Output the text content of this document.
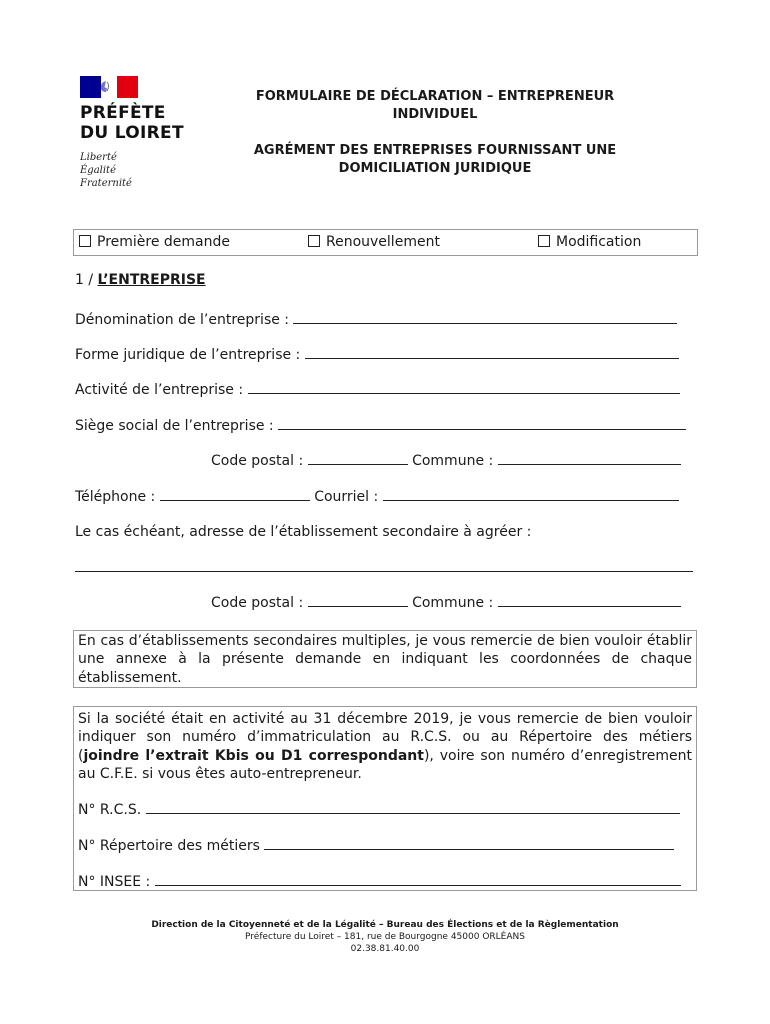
PRÉFÈTE
DU LOIRET
Liberté
Égalité
Fraternité
FORMULAIRE DE DÉCLARATION – ENTREPRENEUR
INDIVIDUEL
AGRÉMENT DES ENTREPRISES FOURNISSANT UNE
DOMICILIATION JURIDIQUE
Première demande	Renouvellement	Modification
1 / L’ENTREPRISE
Dénomination de l’entreprise :
Forme juridique de l’entreprise :
Activité de l’entreprise :
Siège social de l’entreprise :
Code postal :	Commune :
Téléphone :	Courriel :
Le cas échéant, adresse de l’établissement secondaire à agréer :
Code postal :	Commune :
En cas d’établissements secondaires multiples, je vous remercie de bien vouloir établir une annexe à la présente demande en indiquant les coordonnées de chaque établissement.
Si la société était en activité au 31 décembre 2019, je vous remercie de bien vouloir indiquer son numéro d’immatriculation au R.C.S. ou au Répertoire des métiers (joindre l’extrait Kbis ou D1 correspondant), voire son numéro d’enregistrement au C.F.E. si vous êtes auto-entrepreneur.
N° R.C.S.
N° Répertoire des métiers
N° INSEE :
Direction de la Citoyenneté et de la Légalité – Bureau des Élections et de la Règlementation
Préfecture du Loiret – 181, rue de Bourgogne 45000 ORLÉANS
02.38.81.40.00
